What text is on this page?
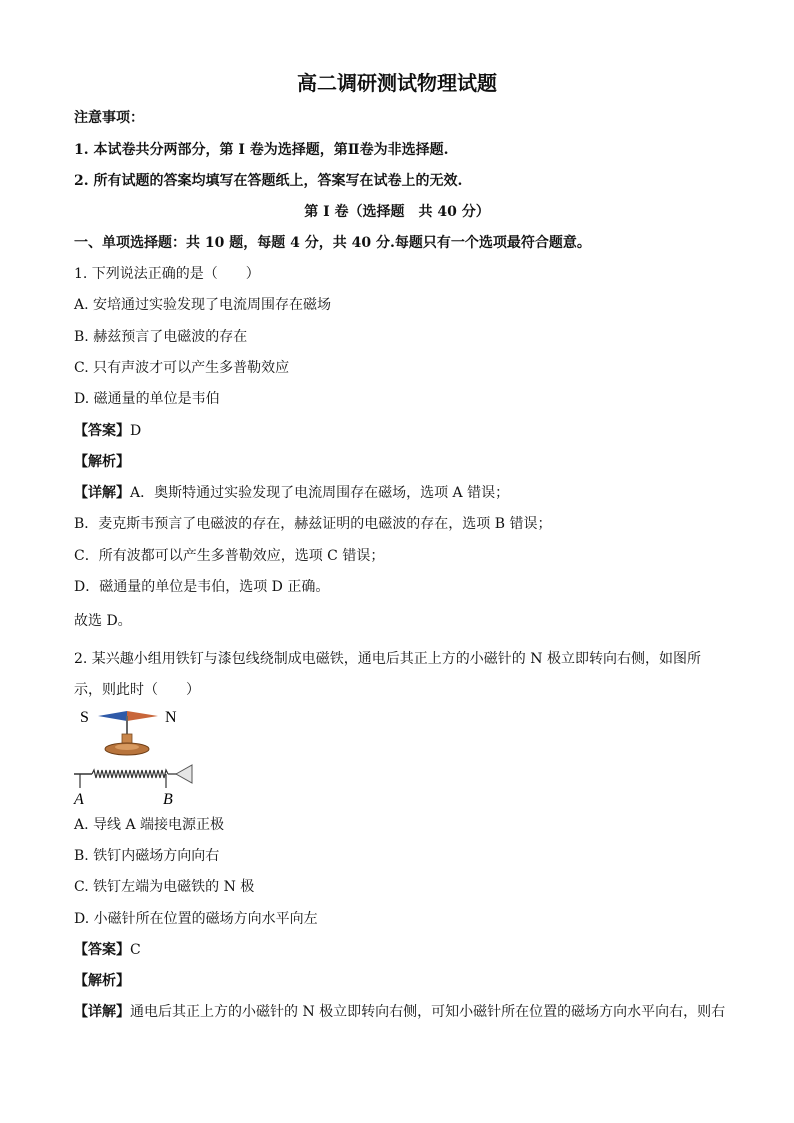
高二调研测试物理试题
注意事项：
1. 本试卷共分两部分，第 I 卷为选择题，第Ⅱ卷为非选择题.
2. 所有试题的答案均填写在答题纸上，答案写在试卷上的无效.
第 I 卷（选择题　共 40 分）
一、单项选择题：共 10 题，每题 4 分，共 40 分.每题只有一个选项最符合题意。
1. 下列说法正确的是（　　）
A. 安培通过实验发现了电流周围存在磁场
B. 赫兹预言了电磁波的存在
C. 只有声波才可以产生多普勒效应
D. 磁通量的单位是韦伯
【答案】D
【解析】
【详解】A．奥斯特通过实验发现了电流周围存在磁场，选项 A 错误；
B．麦克斯韦预言了电磁波的存在，赫兹证明的电磁波的存在，选项 B 错误；
C．所有波都可以产生多普勒效应，选项 C 错误；
D．磁通量的单位是韦伯，选项 D 正确。
故选 D。
2. 某兴趣小组用铁钉与漆包线绕制成电磁铁，通电后其正上方的小磁针的 N 极立即转向右侧，如图所
示，则此时（　　）
S	N
A	B
A. 导线 A 端接电源正极
B. 铁钉内磁场方向向右
C. 铁钉左端为电磁铁的 N 极
D. 小磁针所在位置的磁场方向水平向左
【答案】C
【解析】
【详解】通电后其正上方的小磁针的 N 极立即转向右侧，可知小磁针所在位置的磁场方向水平向右，则右
